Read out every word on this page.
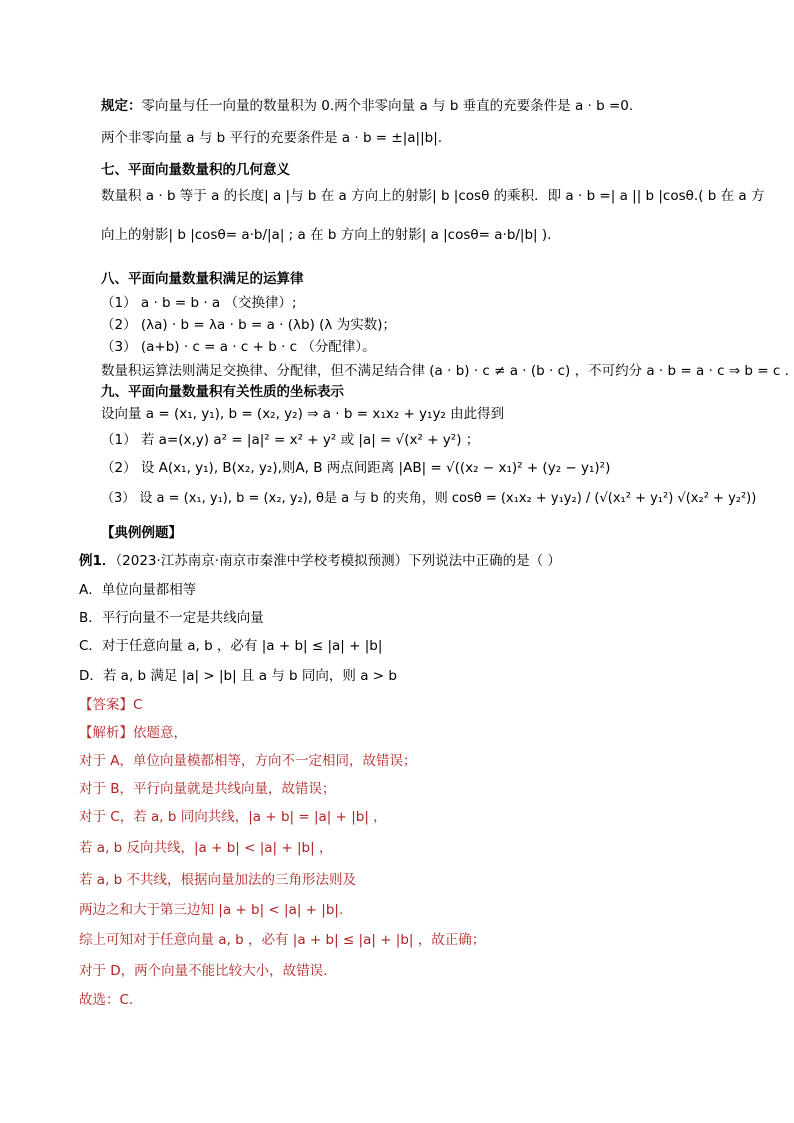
规定：零向量与任一向量的数量积为 0.两个非零向量 a 与 b 垂直的充要条件是 a · b =0.
两个非零向量 a 与 b 平行的充要条件是 a · b = ±|a||b|.
七、平面向量数量积的几何意义
数量积 a · b 等于 a 的长度| a |与 b 在 a 方向上的射影| b |cosθ 的乘积．即 a · b =| a || b |cosθ.( b 在 a 方
向上的射影| b |cosθ= a·b/|a| ; a 在 b 方向上的射影| a |cosθ= a·b/|b| ).
八、平面向量数量积满足的运算律
（1） a · b = b · a （交换律）;
（2） (λa) · b = λa · b = a · (λb) (λ 为实数)；
（3） (a+b) · c = a · c + b · c （分配律）。
数量积运算法则满足交换律、分配律，但不满足结合律 (a · b) · c ≠ a · (b · c) ，不可约分 a · b = a · c ⇒ b = c .
九、平面向量数量积有关性质的坐标表示
设向量 a = (x₁, y₁), b = (x₂, y₂) ⇒ a · b = x₁x₂ + y₁y₂ 由此得到
（1） 若 a=(x,y) a² = |a|² = x² + y² 或 |a| = √(x² + y²) ；
（2） 设 A(x₁, y₁), B(x₂, y₂),则A, B 两点间距离 |AB| = √((x₂ − x₁)² + (y₂ − y₁)²)
（3） 设 a = (x₁, y₁), b = (x₂, y₂), θ是 a 与 b 的夹角，则 cosθ = (x₁x₂ + y₁y₂) / (√(x₁² + y₁²) √(x₂² + y₂²))
【典例例题】
例1．（2023·江苏南京·南京市秦淮中学校考模拟预测）下列说法中正确的是（ ）
A．单位向量都相等
B．平行向量不一定是共线向量
C．对于任意向量 a, b ，必有 |a + b| ≤ |a| + |b|
D．若 a, b 满足 |a| > |b| 且 a 与 b 同向，则 a > b
【答案】C
【解析】依题意，
对于 A，单位向量模都相等，方向不一定相同，故错误；
对于 B，平行向量就是共线向量，故错误；
对于 C，若 a, b 同向共线，|a + b| = |a| + |b| ，
若 a, b 反向共线，|a + b| < |a| + |b| ，
若 a, b 不共线，根据向量加法的三角形法则及
两边之和大于第三边知 |a + b| < |a| + |b|.
综上可知对于任意向量 a, b ，必有 |a + b| ≤ |a| + |b| ，故正确；
对于 D，两个向量不能比较大小，故错误.
故选：C.
